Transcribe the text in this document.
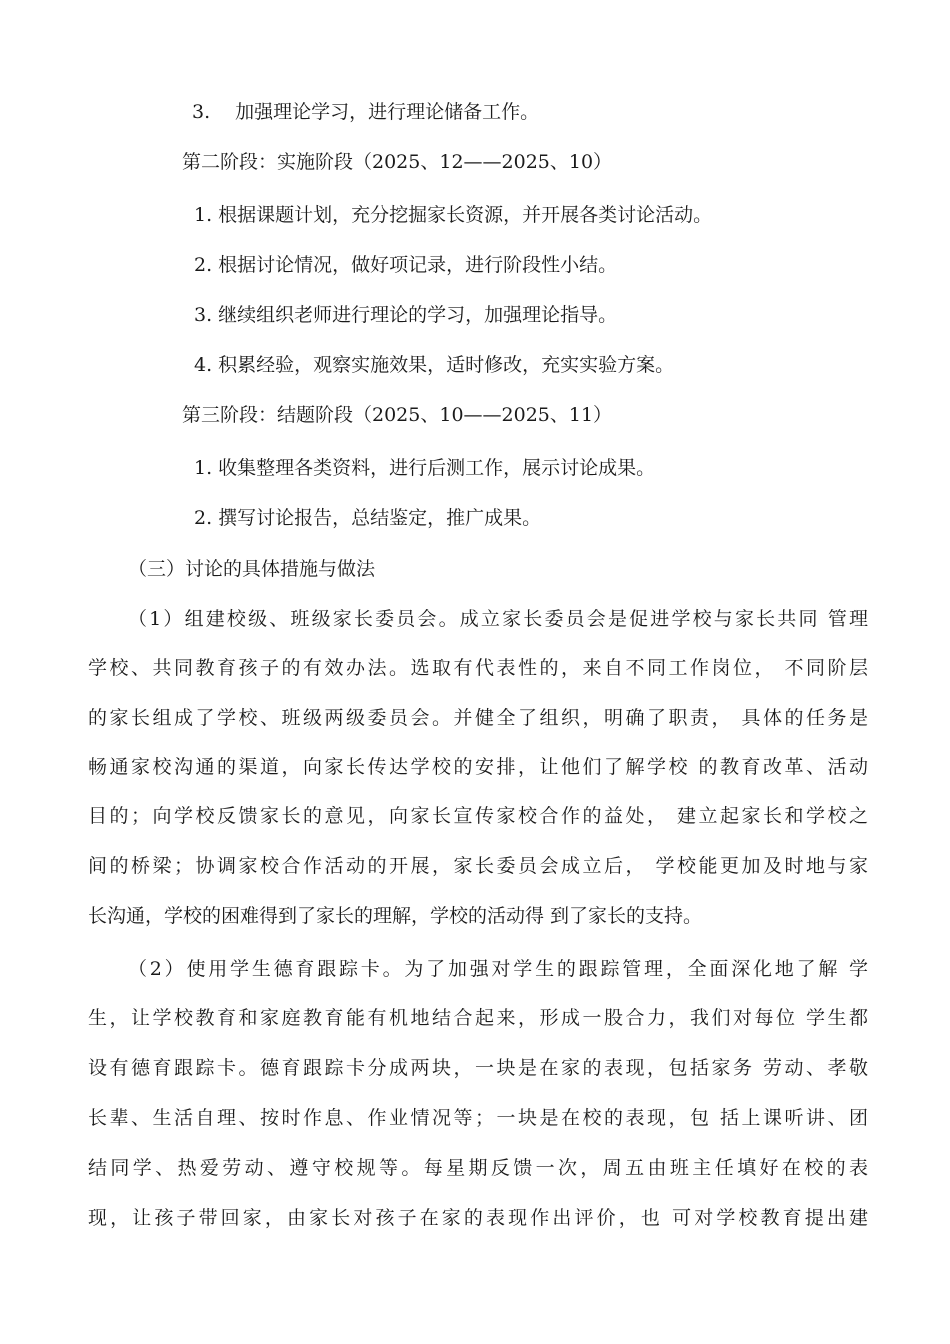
3.　 加强理论学习，进行理论储备工作。
第二阶段：实施阶段（2025、12——2025、10）
1. 根据课题计划，充分挖掘家长资源，并开展各类讨论活动。
2. 根据讨论情况，做好项记录，进行阶段性小结。
3. 继续组织老师进行理论的学习，加强理论指导。
4. 积累经验，观察实施效果，适时修改，充实实验方案。
第三阶段：结题阶段（2025、10——2025、11）
1. 收集整理各类资料，进行后测工作，展示讨论成果。
2. 撰写讨论报告，总结鉴定，推广成果。
（三）讨论的具体措施与做法
（1）组建校级、班级家长委员会。成立家长委员会是促进学校与家长共同 管理
学校、共同教育孩子的有效办法。选取有代表性的，来自不同工作岗位， 不同阶层
的家长组成了学校、班级两级委员会。并健全了组织，明确了职责， 具体的任务是
畅通家校沟通的渠道，向家长传达学校的安排，让他们了解学校 的教育改革、活动
目的；向学校反馈家长的意见，向家长宣传家校合作的益处， 建立起家长和学校之
间的桥梁；协调家校合作活动的开展，家长委员会成立后， 学校能更加及时地与家
长沟通，学校的困难得到了家长的理解，学校的活动得 到了家长的支持。
（2）使用学生德育跟踪卡。为了加强对学生的跟踪管理，全面深化地了解 学
生，让学校教育和家庭教育能有机地结合起来，形成一股合力，我们对每位 学生都
设有德育跟踪卡。德育跟踪卡分成两块，一块是在家的表现，包括家务 劳动、孝敬
长辈、生活自理、按时作息、作业情况等；一块是在校的表现，包 括上课听讲、团
结同学、热爱劳动、遵守校规等。每星期反馈一次，周五由班主任填好在校的表
现，让孩子带回家，由家长对孩子在家的表现作出评价，也 可对学校教育提出建
